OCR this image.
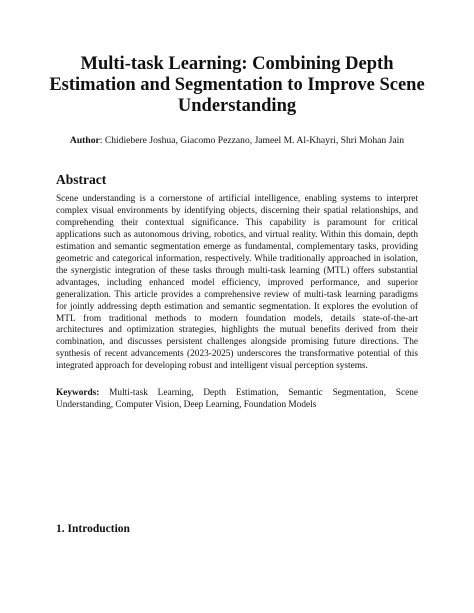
Multi-task Learning: Combining Depth Estimation and Segmentation to Improve Scene Understanding

Author: Chidiebere Joshua, Giacomo Pezzano, Jameel M. Al-Khayri, Shri Mohan Jain

Abstract

Scene understanding is a cornerstone of artificial intelligence, enabling systems to interpret complex visual environments by identifying objects, discerning their spatial relationships, and comprehending their contextual significance. This capability is paramount for critical applications such as autonomous driving, robotics, and virtual reality. Within this domain, depth estimation and semantic segmentation emerge as fundamental, complementary tasks, providing geometric and categorical information, respectively. While traditionally approached in isolation, the synergistic integration of these tasks through multi-task learning (MTL) offers substantial advantages, including enhanced model efficiency, improved performance, and superior generalization. This article provides a comprehensive review of multi-task learning paradigms for jointly addressing depth estimation and semantic segmentation. It explores the evolution of MTL from traditional methods to modern foundation models, details state-of-the-art architectures and optimization strategies, highlights the mutual benefits derived from their combination, and discusses persistent challenges alongside promising future directions. The synthesis of recent advancements (2023-2025) underscores the transformative potential of this integrated approach for developing robust and intelligent visual perception systems.

Keywords: Multi-task Learning, Depth Estimation, Semantic Segmentation, Scene Understanding, Computer Vision, Deep Learning, Foundation Models

1. Introduction
